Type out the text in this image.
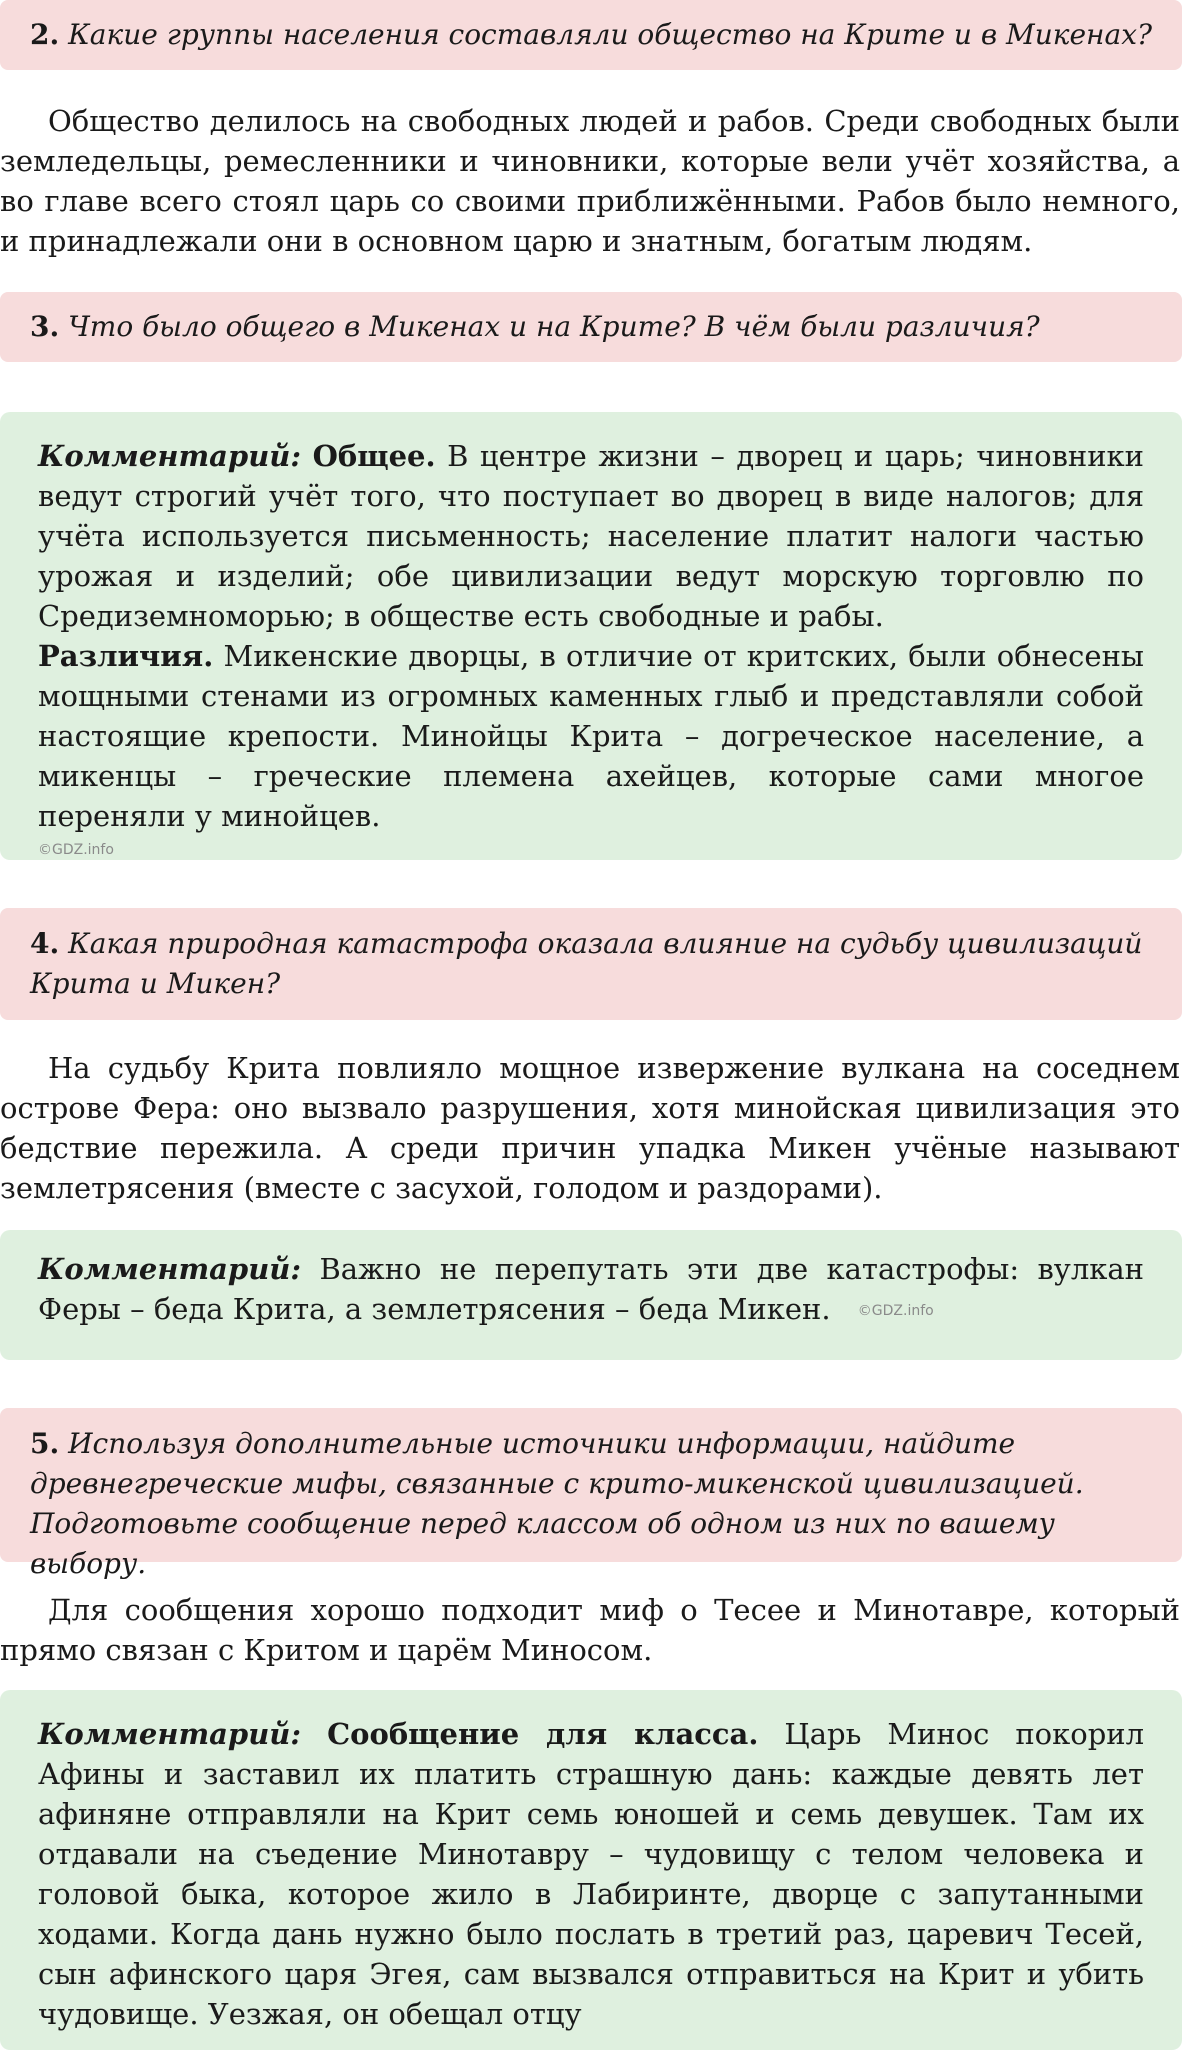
2. Какие группы населения составляли общество на Крите и в Микенах?
Общество делилось на свободных людей и рабов. Среди свободных были земледельцы, ремесленники и чиновники, которые вели учёт хозяйства, а во главе всего стоял царь со своими приближёнными. Рабов было немного, и принадлежали они в основном царю и знатным, богатым людям.
3. Что было общего в Микенах и на Крите? В чём были различия?
Комментарий: Общее. В центре жизни – дворец и царь; чиновники ведут строгий учёт того, что поступает во дворец в виде налогов; для учёта используется письменность; население платит налоги частью урожая и изделий; обе цивилизации ведут морскую торговлю по Средиземноморью; в обществе есть свободные и рабы.
Различия. Микенские дворцы, в отличие от критских, были обнесены мощными стенами из огромных каменных глыб и представляли собой настоящие крепости. Минойцы Крита – догреческое население, а микенцы – греческие племена ахейцев, которые сами многое переняли у минойцев.
©GDZ.info
4. Какая природная катастрофа оказала влияние на судьбу цивилизаций Крита и Микен?
На судьбу Крита повлияло мощное извержение вулкана на соседнем острове Фера: оно вызвало разрушения, хотя минойская цивилизация это бедствие пережила. А среди причин упадка Микен учёные называют землетрясения (вместе с засухой, голодом и раздорами).
Комментарий: Важно не перепутать эти две катастрофы: вулкан Феры – беда Крита, а землетрясения – беда Микен. ©GDZ.info
5. Используя дополнительные источники информации, найдите древнегреческие мифы, связанные с крито-микенской цивилизацией. Подготовьте сообщение перед классом об одном из них по вашему выбору.
Для сообщения хорошо подходит миф о Тесее и Минотавре, который прямо связан с Критом и царём Миносом.
Комментарий: Сообщение для класса. Царь Минос покорил Афины и заставил их платить страшную дань: каждые девять лет афиняне отправляли на Крит семь юношей и семь девушек. Там их отдавали на съедение Минотавру – чудовищу с телом человека и головой быка, которое жило в Лабиринте, дворце с запутанными ходами. Когда дань нужно было послать в третий раз, царевич Тесей, сын афинского царя Эгея, сам вызвался отправиться на Крит и убить чудовище. Уезжая, он обещал отцу
